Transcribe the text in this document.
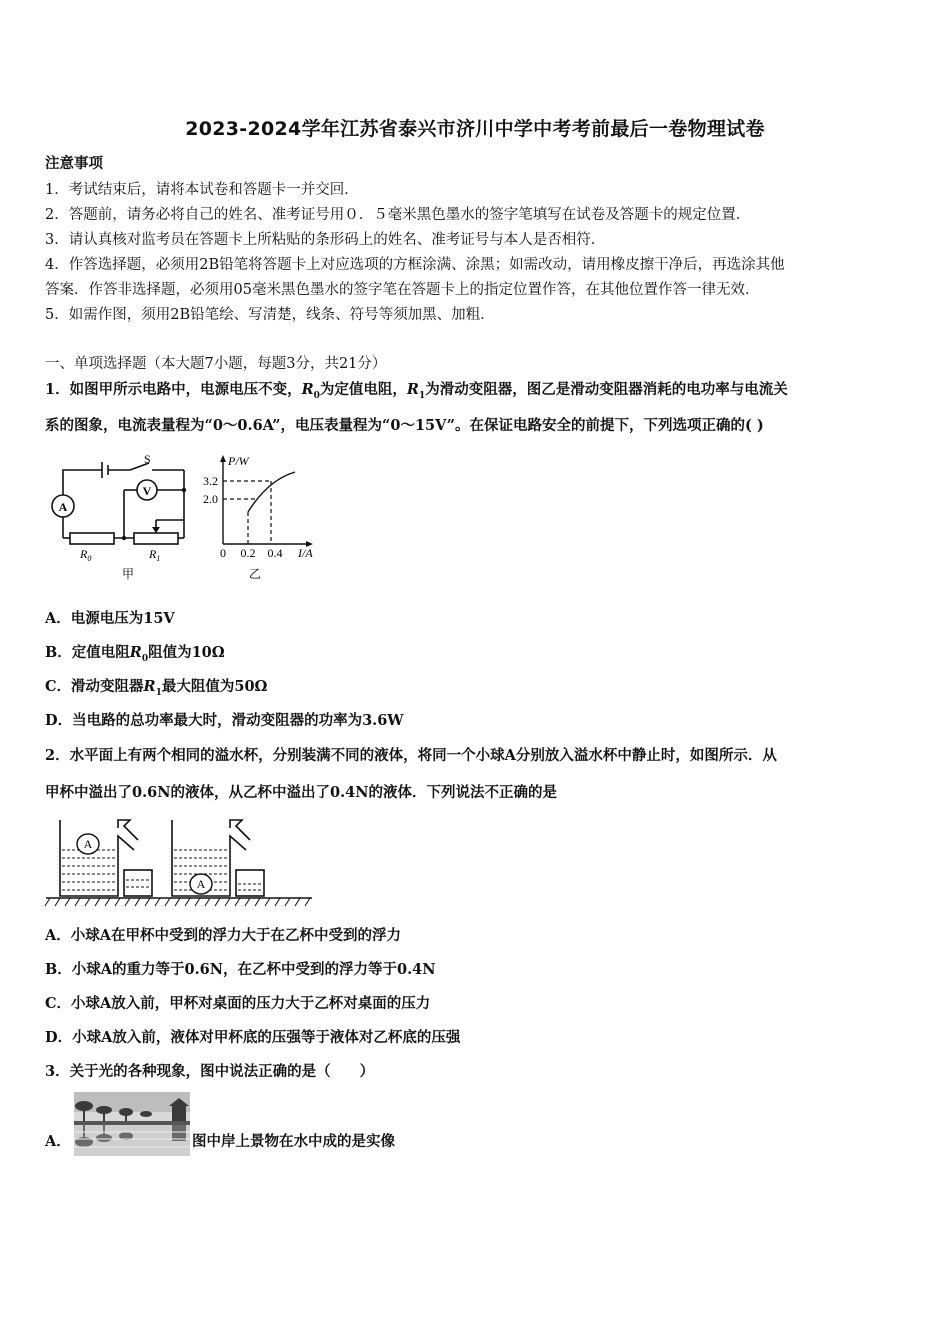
2023-2024学年江苏省泰兴市济川中学中考考前最后一卷物理试卷
注意事项
1．考试结束后，请将本试卷和答题卡一并交回．
2．答题前，请务必将自己的姓名、准考证号用０．５毫米黑色墨水的签字笔填写在试卷及答题卡的规定位置．
3．请认真核对监考员在答题卡上所粘贴的条形码上的姓名、准考证号与本人是否相符．
4．作答选择题，必须用2B铅笔将答题卡上对应选项的方框涂满、涂黑；如需改动，请用橡皮擦干净后，再选涂其他
答案．作答非选择题，必须用05毫米黑色墨水的签字笔在答题卡上的指定位置作答，在其他位置作答一律无效．
5．如需作图，须用2B铅笔绘、写清楚，线条、符号等须加黑、加粗．
一、单项选择题（本大题7小题，每题3分，共21分）
1．如图甲所示电路中，电源电压不变，$R_0$为定值电阻，$R_1$为滑动变阻器，图乙是滑动变阻器消耗的电功率与电流关
系的图象，电流表量程为“0～0.6A”，电压表量程为“0～15V”。在保证电路安全的前提下，下列选项正确的( )
A
V
S
$R_0$	$R_1$
甲
P/W
3.2
2.0
0 0.2 0.4 I/A
乙
A．电源电压为15V
B．定值电阻$R_0$阻值为10Ω
C．滑动变阻器$R_1$最大阻值为50Ω
D．当电路的总功率最大时，滑动变阻器的功率为3.6W
2．水平面上有两个相同的溢水杯，分别装满不同的液体，将同一个小球A分别放入溢水杯中静止时，如图所示．从
甲杯中溢出了0.6N的液体，从乙杯中溢出了0.4N的液体．下列说法不正确的是
A
A
A．小球A在甲杯中受到的浮力大于在乙杯中受到的浮力
B．小球A的重力等于0.6N，在乙杯中受到的浮力等于0.4N
C．小球A放入前，甲杯对桌面的压力大于乙杯对桌面的压力
D．小球A放入前，液体对甲杯底的压强等于液体对乙杯底的压强
3．关于光的各种现象，图中说法正确的是（　　）
A．	图中岸上景物在水中成的是实像
